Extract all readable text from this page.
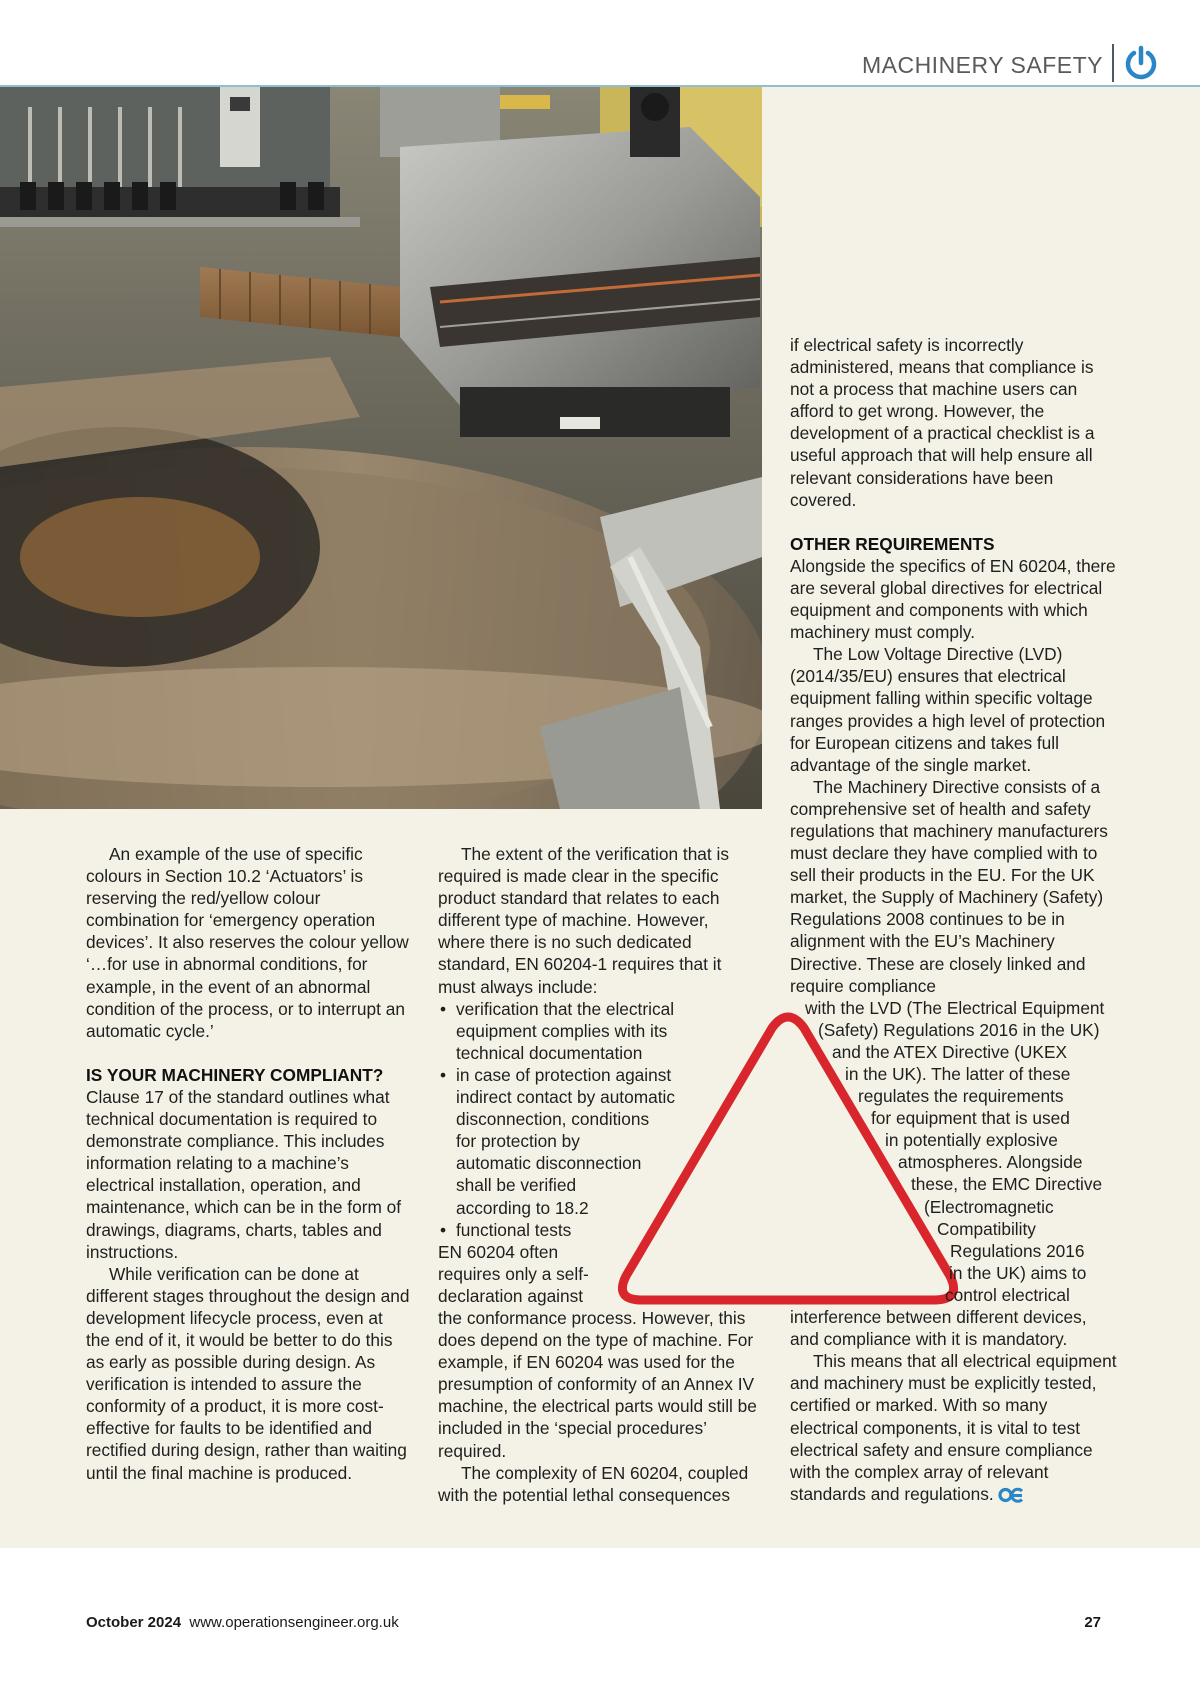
MACHINERY SAFETY

An example of the use of specific colours in Section 10.2 ‘Actuators’ is reserving the red/yellow colour combination for ‘emergency operation devices’. It also reserves the colour yellow ‘…for use in abnormal conditions, for example, in the event of an abnormal condition of the process, or to interrupt an automatic cycle.’

IS YOUR MACHINERY COMPLIANT?

Clause 17 of the standard outlines what technical documentation is required to demonstrate compliance. This includes information relating to a machine’s electrical installation, operation, and maintenance, which can be in the form of drawings, diagrams, charts, tables and instructions.

While verification can be done at different stages throughout the design and development lifecycle process, even at the end of it, it would be better to do this as early as possible during design. As verification is intended to assure the conformity of a product, it is more cost-effective for faults to be identified and rectified during design, rather than waiting until the final machine is produced.

The extent of the verification that is required is made clear in the specific product standard that relates to each different type of machine. However, where there is no such dedicated standard, EN 60204-1 requires that it must always include:

• verification that the electrical
equipment complies with its
technical documentation
• in case of protection against
indirect contact by automatic
disconnection, conditions
for protection by
automatic disconnection
shall be verified
according to 18.2
• functional tests
EN 60204 often
requires only a self-
declaration against

the conformance process. However, this does depend on the type of machine. For example, if EN 60204 was used for the presumption of conformity of an Annex IV machine, the electrical parts would still be included in the ‘special procedures’ required.

The complexity of EN 60204, coupled with the potential lethal consequences

if electrical safety is incorrectly administered, means that compliance is not a process that machine users can afford to get wrong. However, the development of a practical checklist is a useful approach that will help ensure all relevant considerations have been covered.

OTHER REQUIREMENTS

Alongside the specifics of EN 60204, there are several global directives for electrical equipment and components with which machinery must comply.

The Low Voltage Directive (LVD) (2014/35/EU) ensures that electrical equipment falling within specific voltage ranges provides a high level of protection for European citizens and takes full advantage of the single market.

The Machinery Directive consists of a comprehensive set of health and safety regulations that machinery manufacturers must declare they have complied with to sell their products in the EU. For the UK market, the Supply of Machinery (Safety) Regulations 2008 continues to be in alignment with the EU’s Machinery Directive. These are closely linked and require compliance

with the LVD (The Electrical Equipment
(Safety) Regulations 2016 in the UK)
and the ATEX Directive (UKEX
in the UK). The latter of these
regulates the requirements
for equipment that is used
in potentially explosive
atmospheres. Alongside
these, the EMC Directive
(Electromagnetic
Compatibility
Regulations 2016
in the UK) aims to
control electrical

interference between different devices, and compliance with it is mandatory.

This means that all electrical equipment and machinery must be explicitly tested, certified or marked. With so many electrical components, it is vital to test electrical safety and ensure compliance with the complex array of relevant standards and regulations.

October 2024 www.operationsengineer.org.uk	27
